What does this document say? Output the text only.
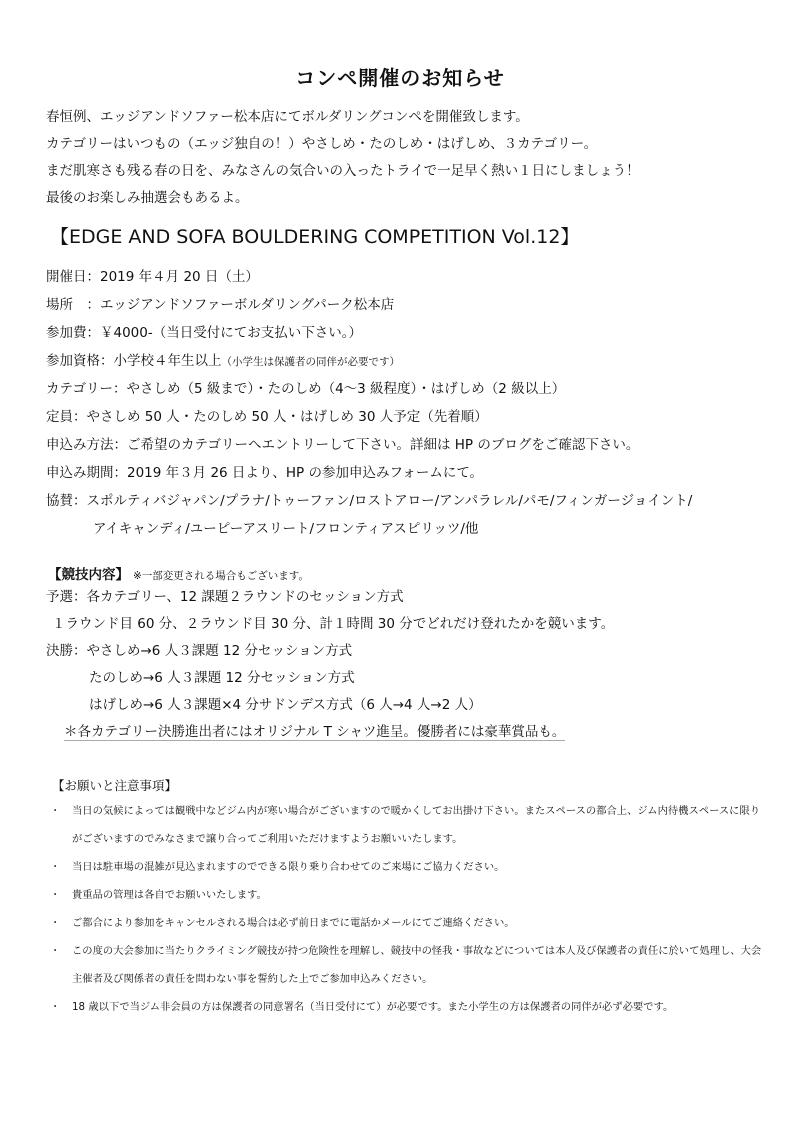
コンペ開催のお知らせ
春恒例、エッジアンドソファー松本店にてボルダリングコンペを開催致します。
カテゴリーはいつもの（エッジ独自の！）やさしめ・たのしめ・はげしめ、３カテゴリー。
まだ肌寒さも残る春の日を、みなさんの気合いの入ったトライで一足早く熱い１日にしましょう！
最後のお楽しみ抽選会もあるよ。
【EDGE AND SOFA BOULDERING COMPETITION Vol.12】
開催日：2019 年４月 20 日（土）
場所　：エッジアンドソファーボルダリングパーク松本店
参加費：￥4000-（当日受付にてお支払い下さい。）
参加資格：小学校４年生以上（小学生は保護者の同伴が必要です）
カテゴリー：やさしめ（5 級まで）・たのしめ（4〜3 級程度）・はげしめ（2 級以上）
定員：やさしめ 50 人・たのしめ 50 人・はげしめ 30 人予定（先着順）
申込み方法：ご希望のカテゴリーへエントリーして下さい。詳細は HP のブログをご確認下さい。
申込み期間：2019 年３月 26 日より、HP の参加申込みフォームにて。
協賛：スポルティバジャパン/プラナ/トゥーファン/ロストアロー/アンパラレル/パモ/フィンガージョイント/
アイキャンディ/ユーピーアスリート/フロンティアスピリッツ/他
【競技内容】 ※一部変更される場合もございます。
予選：各カテゴリー、12 課題２ラウンドのセッション方式
１ラウンド目 60 分、２ラウンド目 30 分、計１時間 30 分でどれだけ登れたかを競います。
決勝：やさしめ→6 人３課題 12 分セッション方式
たのしめ→6 人３課題 12 分セッション方式
はげしめ→6 人３課題×4 分サドンデス方式（6 人→4 人→2 人）
＊各カテゴリー決勝進出者にはオリジナル T シャツ進呈。優勝者には豪華賞品も。
【お願いと注意事項】
・ 当日の気候によっては観戦中などジム内が寒い場合がございますので暖かくしてお出掛け下さい。またスペースの都合上、ジム内待機スペースに限りがございますのでみなさまで譲り合ってご利用いただけますようお願いいたします。
・ 当日は駐車場の混雑が見込まれますのでできる限り乗り合わせてのご来場にご協力ください。
・ 貴重品の管理は各自でお願いいたします。
・ ご都合により参加をキャンセルされる場合は必ず前日までに電話かメールにてご連絡ください。
・ この度の大会参加に当たりクライミング競技が持つ危険性を理解し、競技中の怪我・事故などについては本人及び保護者の責任に於いて処理し、大会主催者及び関係者の責任を問わない事を誓約した上でご参加申込みください。
・ 18 歳以下で当ジム非会員の方は保護者の同意署名（当日受付にて）が必要です。また小学生の方は保護者の同伴が必ず必要です。
